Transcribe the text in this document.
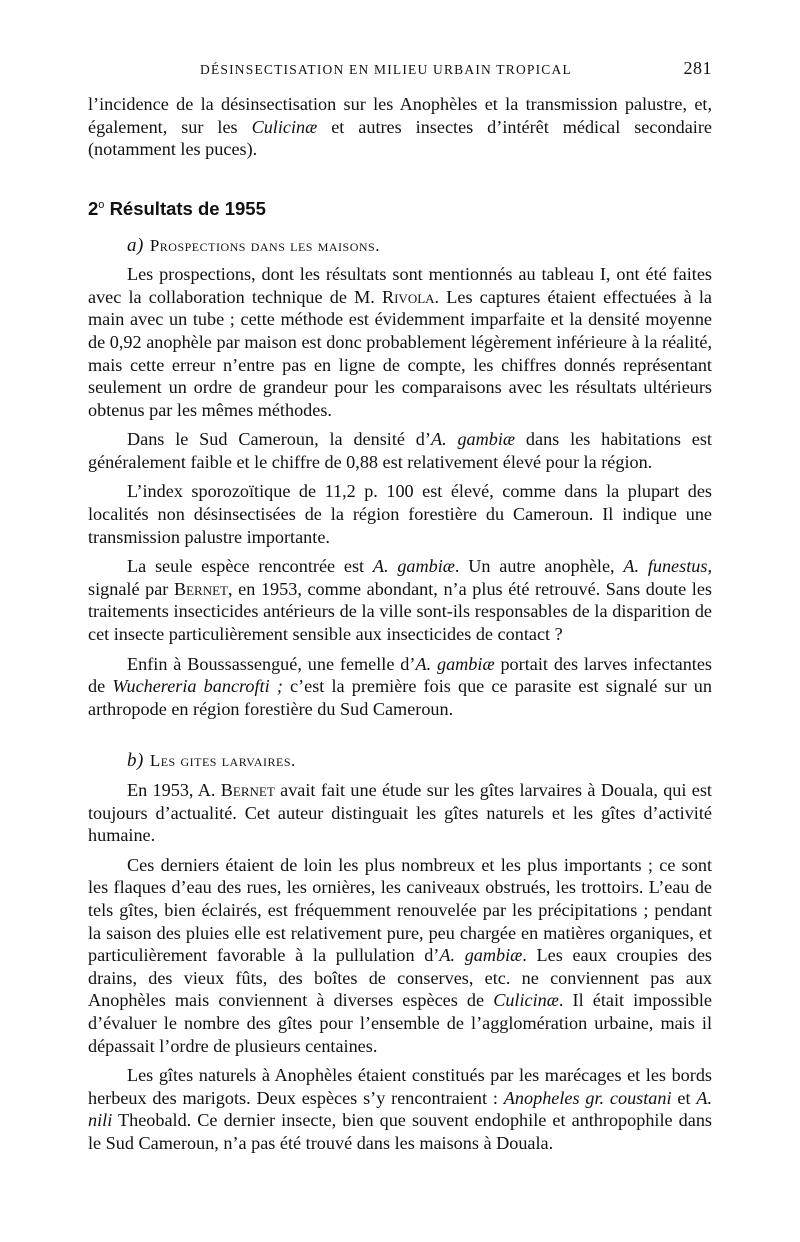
DÉSINSECTISATION EN MILIEU URBAIN TROPICAL	281

l’incidence de la désinsectisation sur les Anophèles et la transmission palustre, et, également, sur les Culicinæ et autres insectes d’intérêt médical secondaire (notamment les puces).

2$^o$ Résultats de 1955
a) Prospections dans les maisons.

Les prospections, dont les résultats sont mentionnés au tableau I, ont été faites avec la collaboration technique de M. Rivola. Les captures étaient effectuées à la main avec un tube ; cette méthode est évidemment imparfaite et la densité moyenne de 0,92 anophèle par maison est donc probablement légèrement inférieure à la réalité, mais cette erreur n’entre pas en ligne de compte, les chiffres donnés représentant seulement un ordre de grandeur pour les comparaisons avec les résultats ultérieurs obtenus par les mêmes méthodes.

Dans le Sud Cameroun, la densité d’A. gambiæ dans les habitations est généralement faible et le chiffre de 0,88 est relativement élevé pour la région.

L’index sporozoïtique de 11,2 p. 100 est élevé, comme dans la plupart des localités non désinsectisées de la région forestière du Cameroun. Il indique une transmission palustre importante.

La seule espèce rencontrée est A. gambiæ. Un autre anophèle, A. funestus, signalé par Bernet, en 1953, comme abondant, n’a plus été retrouvé. Sans doute les traitements insecticides antérieurs de la ville sont-ils responsables de la disparition de cet insecte particulièrement sensible aux insecticides de contact ?

Enfin à Boussassengué, une femelle d’A. gambiæ portait des larves infectantes de Wuchereria bancrofti ; c’est la première fois que ce parasite est signalé sur un arthropode en région forestière du Sud Cameroun.

b) Les gites larvaires.

En 1953, A. Bernet avait fait une étude sur les gîtes larvaires à Douala, qui est toujours d’actualité. Cet auteur distinguait les gîtes naturels et les gîtes d’activité humaine.

Ces derniers étaient de loin les plus nombreux et les plus importants ; ce sont les flaques d’eau des rues, les ornières, les caniveaux obstrués, les trottoirs. L’eau de tels gîtes, bien éclairés, est fréquemment renouvelée par les précipitations ; pendant la saison des pluies elle est relativement pure, peu chargée en matières organiques, et particulièrement favorable à la pullulation d’A. gambiæ. Les eaux croupies des drains, des vieux fûts, des boîtes de conserves, etc. ne conviennent pas aux Anophèles mais conviennent à diverses espèces de Culicinæ. Il était impossible d’évaluer le nombre des gîtes pour l’ensemble de l’agglomération urbaine, mais il dépassait l’ordre de plusieurs centaines.

Les gîtes naturels à Anophèles étaient constitués par les marécages et les bords herbeux des marigots. Deux espèces s’y rencontraient : Anopheles gr. coustani et A. nili Theobald. Ce dernier insecte, bien que souvent endophile et anthropophile dans le Sud Cameroun, n’a pas été trouvé dans les maisons à Douala.
